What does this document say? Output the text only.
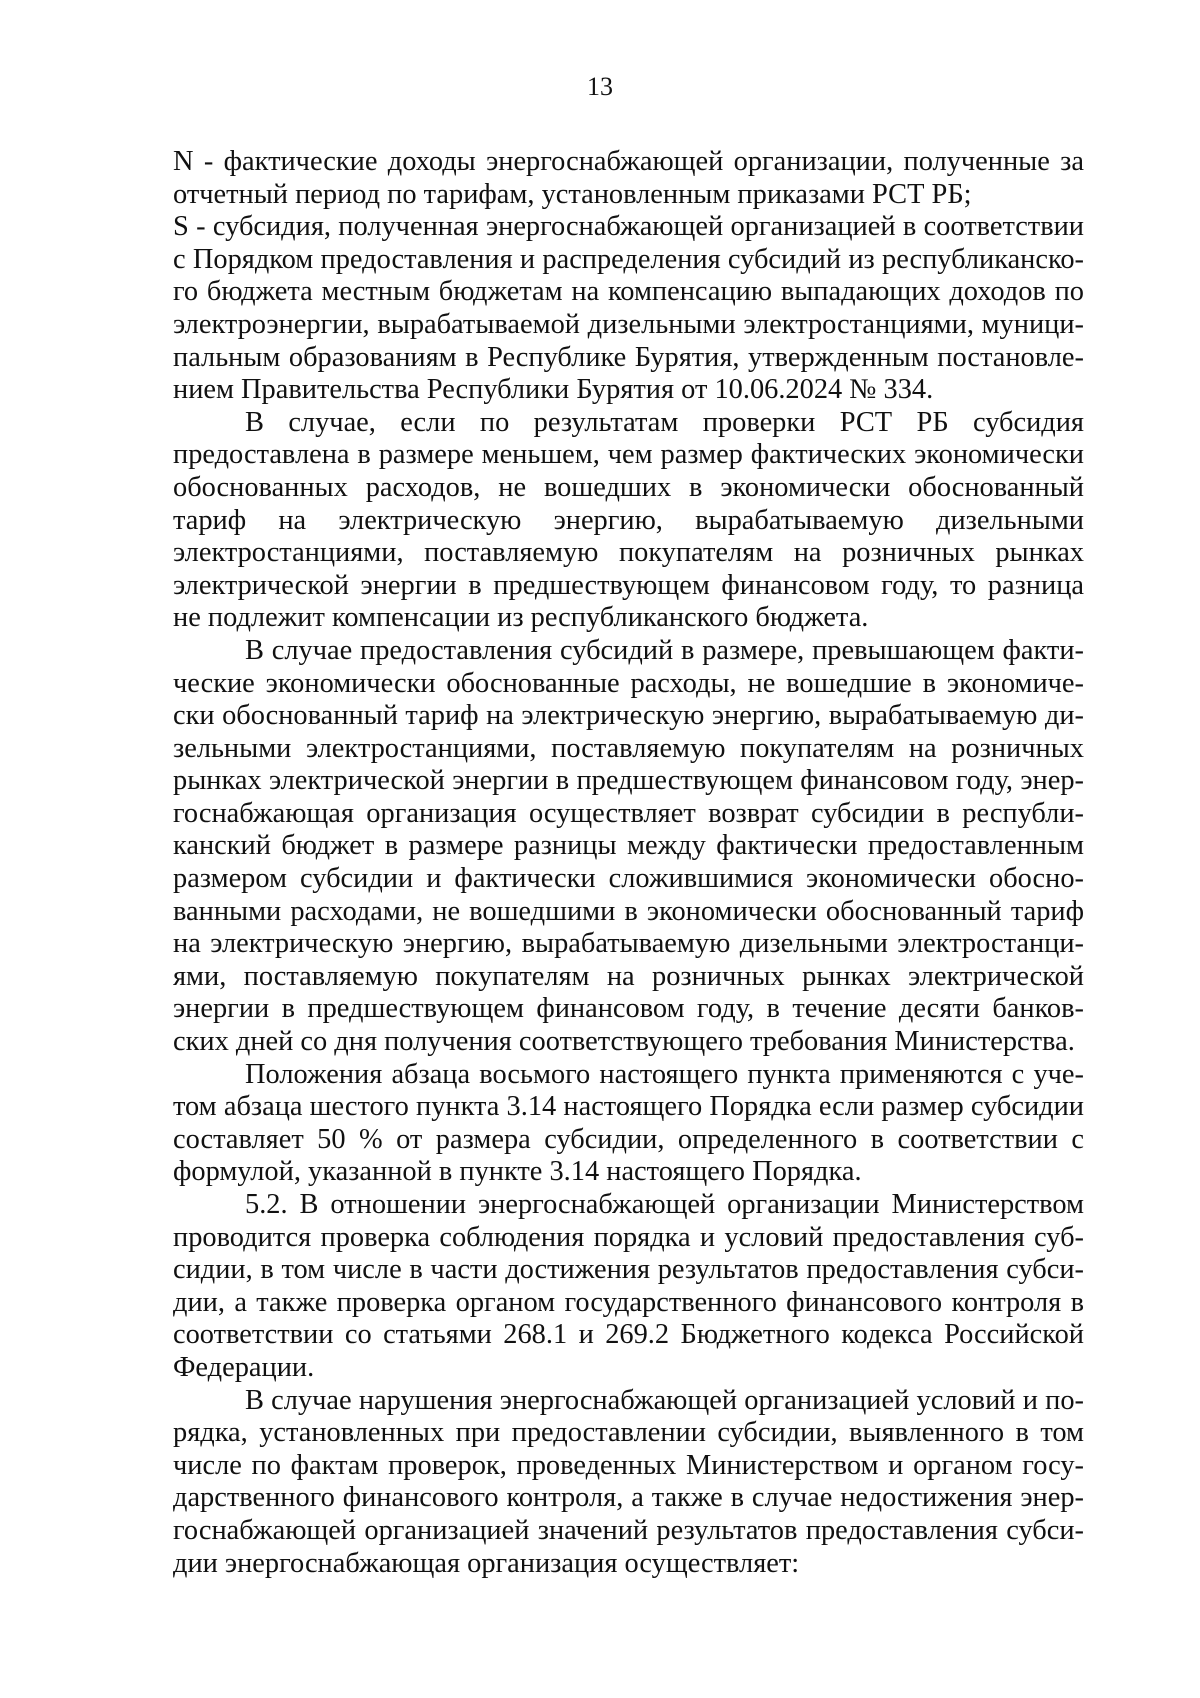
13

N - фактические доходы энергоснабжающей организации, полученные за отчетный период по тарифам, установленным приказами РСТ РБ;

S - субсидия, полученная энергоснабжающей организацией в соответствии с Порядком предоставления и распределения субсидий из республиканского бюджета местным бюджетам на компенсацию выпадающих доходов по электроэнергии, вырабатываемой дизельными электростанциями, муниципальным образованиям в Республике Бурятия, утвержденным постановлением Правительства Республики Бурятия от 10.06.2024 № 334.

В случае, если по результатам проверки РСТ РБ субсидия предоставлена в размере меньшем, чем размер фактических экономически обоснованных расходов, не вошедших в экономически обоснованный тариф на электрическую энергию, вырабатываемую дизельными электростанциями, поставляемую покупателям на розничных рынках электрической энергии в предшествующем финансовом году, то разница не подлежит компенсации из республиканского бюджета.

В случае предоставления субсидий в размере, превышающем фактические экономически обоснованные расходы, не вошедшие в экономически обоснованный тариф на электрическую энергию, вырабатываемую дизельными электростанциями, поставляемую покупателям на розничных рынках электрической энергии в предшествующем финансовом году, энергоснабжающая организация осуществляет возврат субсидии в республиканский бюджет в размере разницы между фактически предоставленным размером субсидии и фактически сложившимися экономически обоснованными расходами, не вошедшими в экономически обоснованный тариф на электрическую энергию, вырабатываемую дизельными электростанциями, поставляемую покупателям на розничных рынках электрической энергии в предшествующем финансовом году, в течение десяти банковских дней со дня получения соответствующего требования Министерства.

Положения абзаца восьмого настоящего пункта применяются с учетом абзаца шестого пункта 3.14 настоящего Порядка если размер субсидии составляет 50 % от размера субсидии, определенного в соответствии с формулой, указанной в пункте 3.14 настоящего Порядка.

5.2. В отношении энергоснабжающей организации Министерством проводится проверка соблюдения порядка и условий предоставления субсидии, в том числе в части достижения результатов предоставления субсидии, а также проверка органом государственного финансового контроля в соответствии со статьями 268.1 и 269.2 Бюджетного кодекса Российской Федерации.

В случае нарушения энергоснабжающей организацией условий и порядка, установленных при предоставлении субсидии, выявленного в том числе по фактам проверок, проведенных Министерством и органом государственного финансового контроля, а также в случае недостижения энергоснабжающей организацией значений результатов предоставления субсидии энергоснабжающая организация осуществляет:
